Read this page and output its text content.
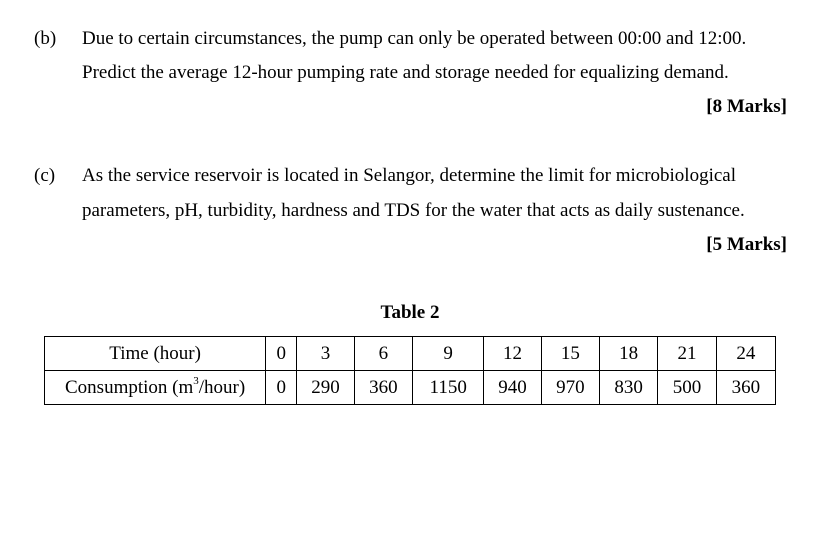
(b) Due to certain circumstances, the pump can only be operated between 00:00 and 12:00.
Predict the average 12-hour pumping rate and storage needed for equalizing demand.
[8 Marks]
(c) As the service reservoir is located in Selangor, determine the limit for microbiological
parameters, pH, turbidity, hardness and TDS for the water that acts as daily sustenance.
[5 Marks]
Table 2
Time (hour)	0	3	6	9	12	15	18	21	24
Consumption $(m^3/hour)$	0	290	360	1150	940	970	830	500	360
